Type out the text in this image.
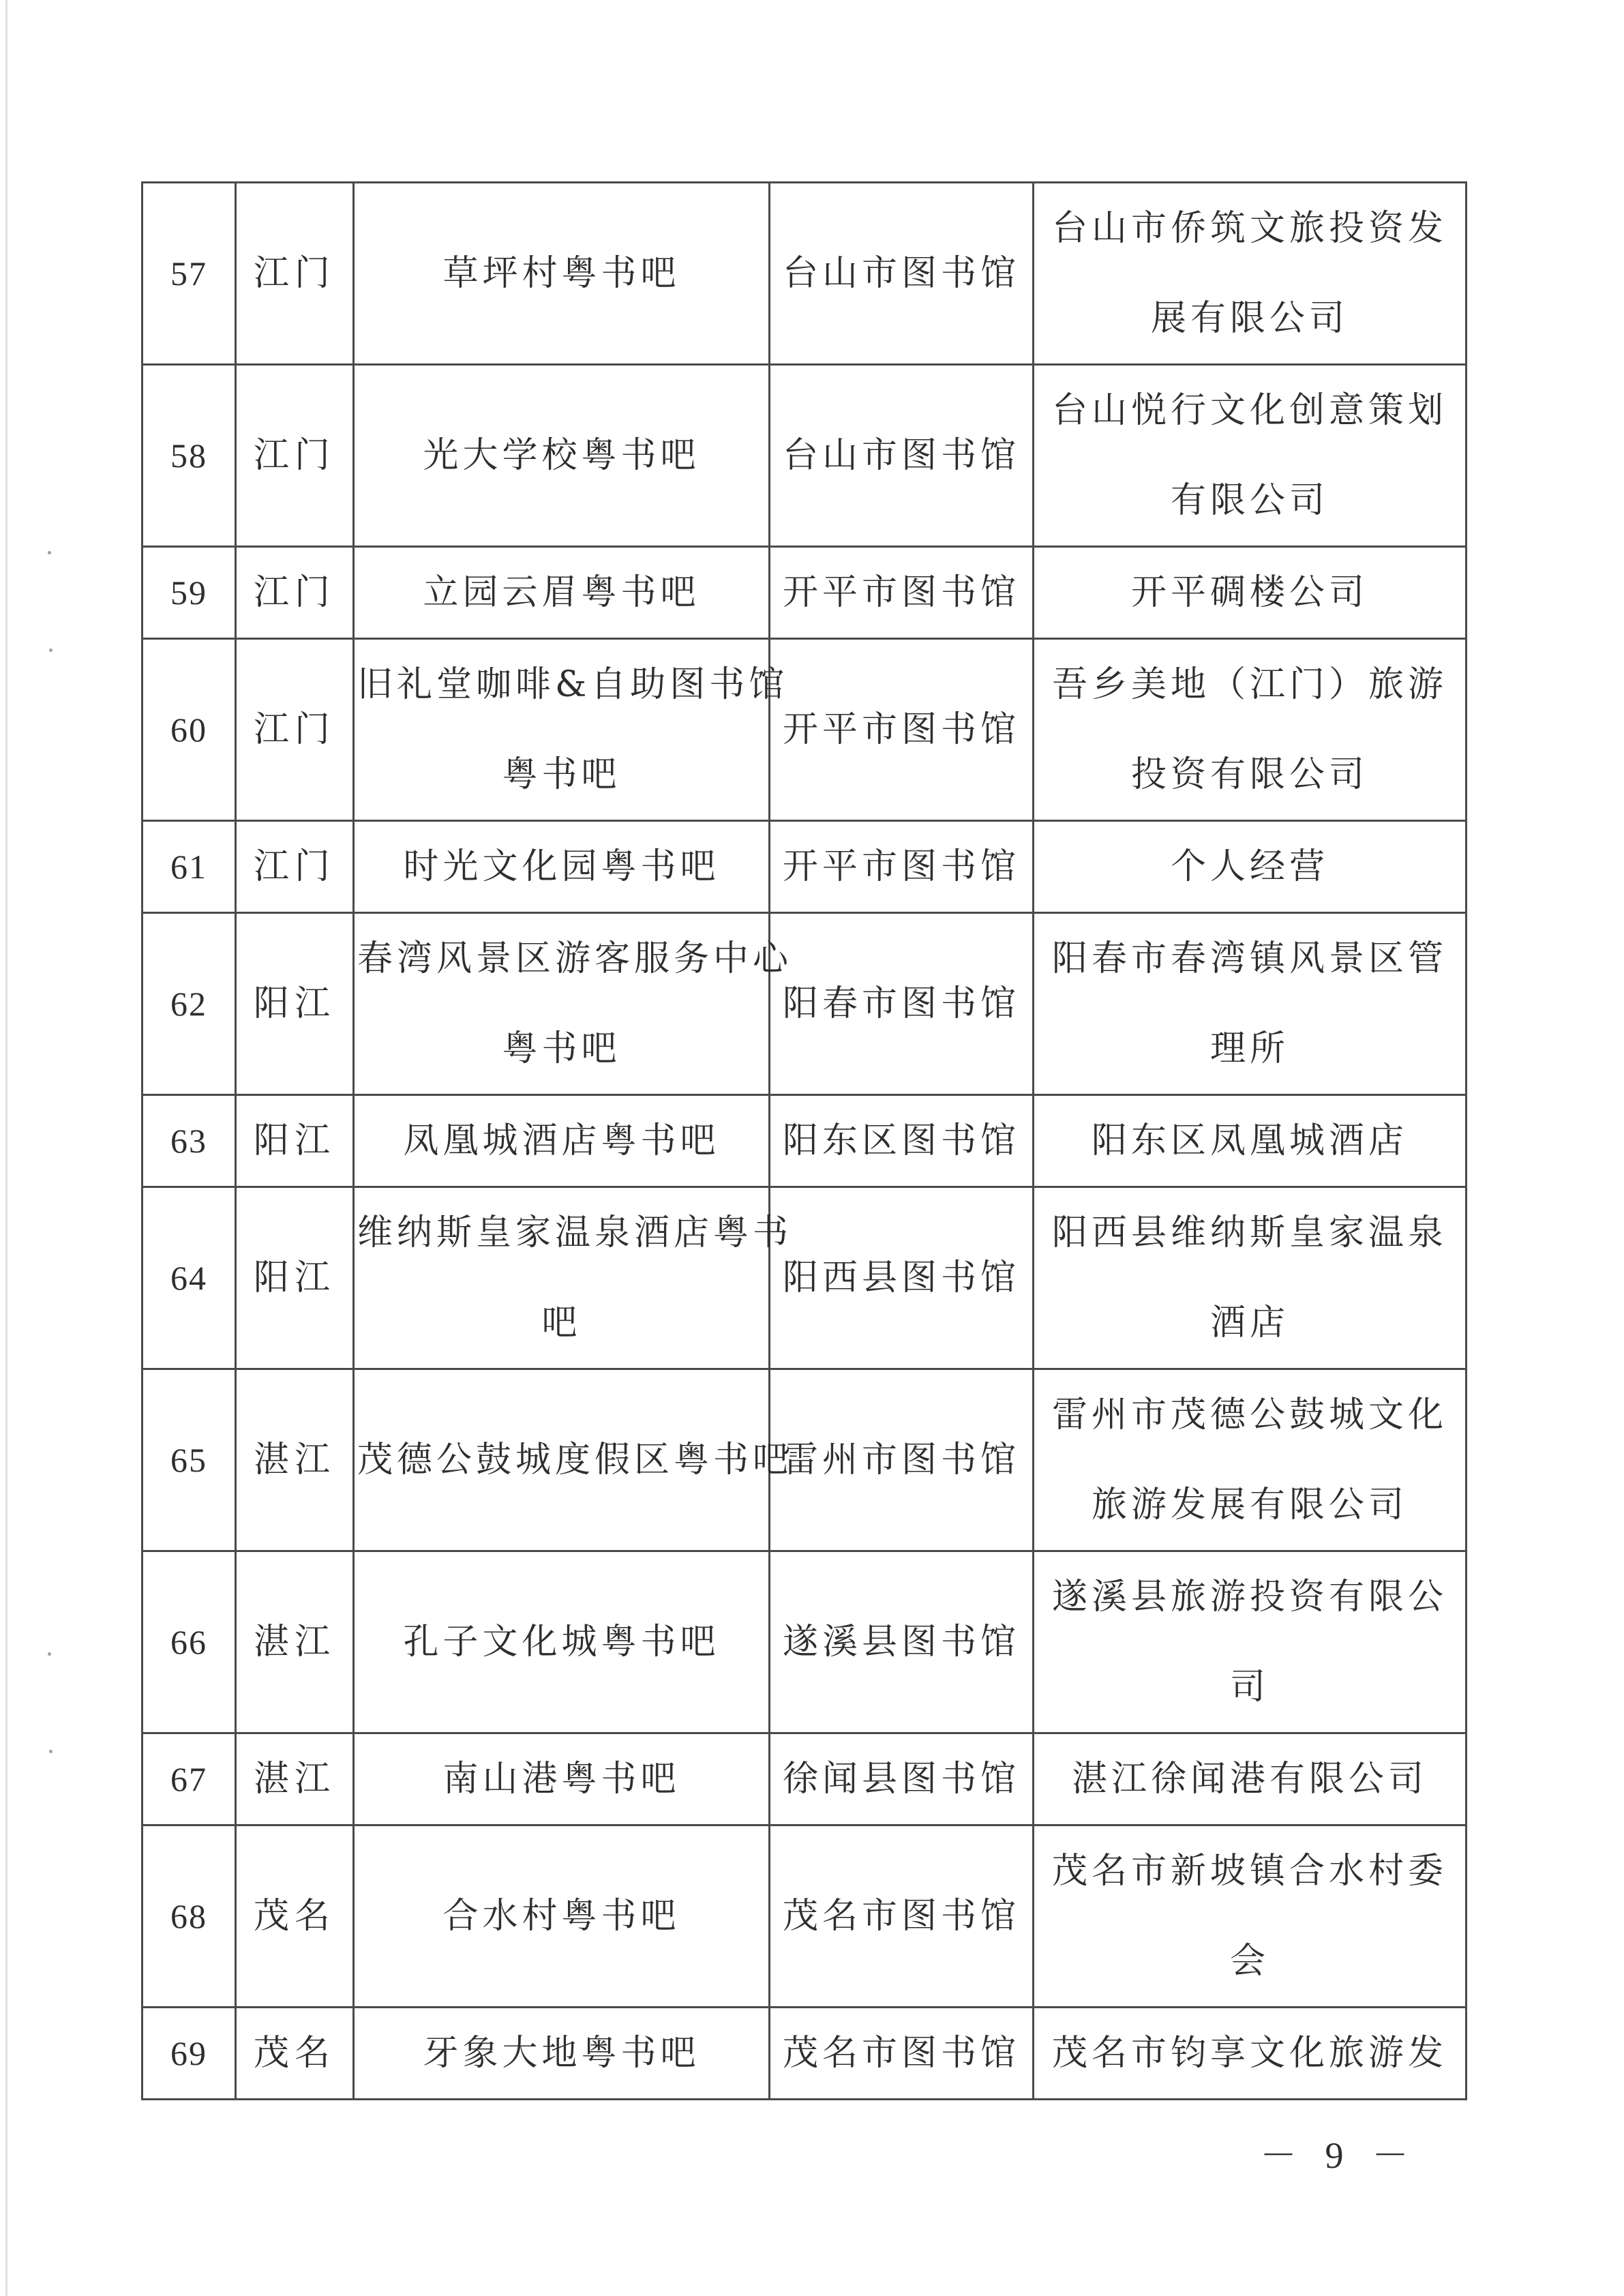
57	江门	草坪村粤书吧	台山市图书馆	台山市侨筑文旅投资发
展有限公司

58	江门	光大学校粤书吧	台山市图书馆	台山悦行文化创意策划
有限公司

59	江门	立园云眉粤书吧	开平市图书馆	开平碉楼公司

60	江门	旧礼堂咖啡&自助图书馆
粤书吧	开平市图书馆	吾乡美地（江门）旅游
投资有限公司

61	江门	时光文化园粤书吧	开平市图书馆	个人经营

62	阳江	春湾风景区游客服务中心
粤书吧	阳春市图书馆	阳春市春湾镇风景区管
理所

63	阳江	凤凰城酒店粤书吧	阳东区图书馆	阳东区凤凰城酒店

64	阳江	维纳斯皇家温泉酒店粤书
吧	阳西县图书馆	阳西县维纳斯皇家温泉
酒店

65	湛江	茂德公鼓城度假区粤书吧	雷州市图书馆	雷州市茂德公鼓城文化
旅游发展有限公司

66	湛江	孔子文化城粤书吧	遂溪县图书馆	遂溪县旅游投资有限公
司

67	湛江	南山港粤书吧	徐闻县图书馆	湛江徐闻港有限公司

68	茂名	合水村粤书吧	茂名市图书馆	茂名市新坡镇合水村委
会

69	茂名	牙象大地粤书吧	茂名市图书馆	茂名市钧享文化旅游发
－ 9 －
